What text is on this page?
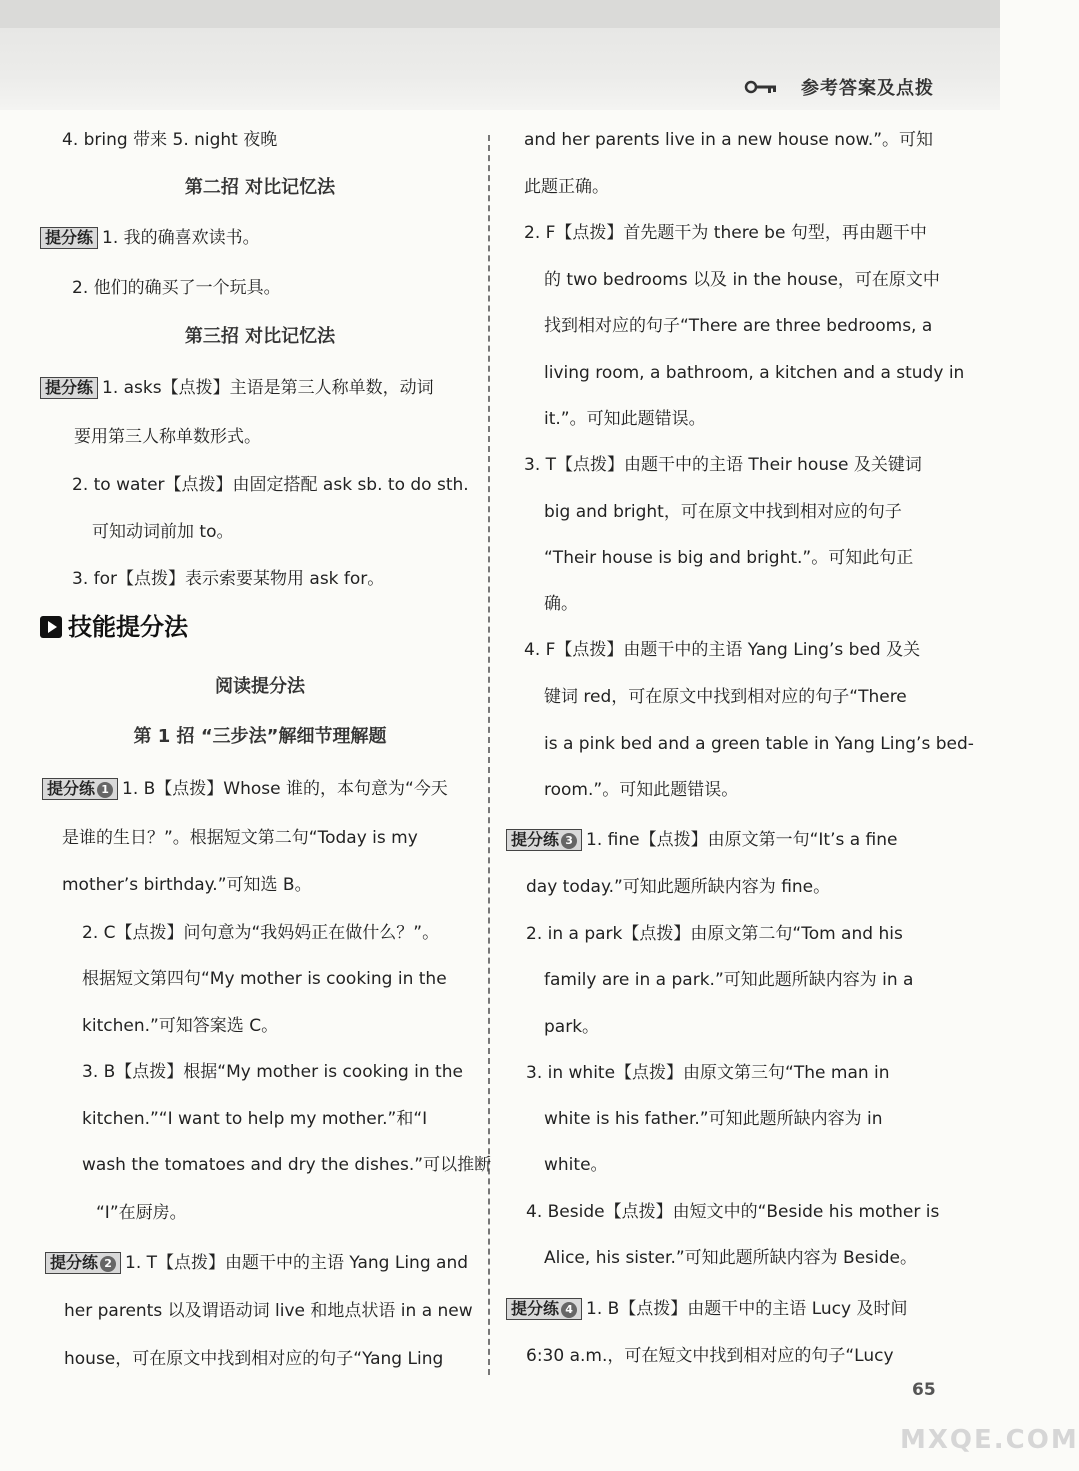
参考答案及点拨
4. bring 带来 5. night 夜晚
第二招 对比记忆法
提分练 1. 我的确喜欢读书。
2. 他们的确买了一个玩具。
第三招 对比记忆法
提分练 1. asks【点拨】主语是第三人称单数，动词
要用第三人称单数形式。
2. to water【点拨】由固定搭配 ask sb. to do sth.
可知动词前加 to。
3. for【点拨】表示索要某物用 ask for。
技能提分法
阅读提分法
第 1 招 “三步法”解细节理解题
提分练 1 1. B【点拨】Whose 谁的，本句意为“今天
是谁的生日？”。根据短文第二句“Today is my
mother’s birthday.”可知选 B。
2. C【点拨】问句意为“我妈妈正在做什么？”。
根据短文第四句“My mother is cooking in the
kitchen.”可知答案选 C。
3. B【点拨】根据“My mother is cooking in the
kitchen.”“I want to help my mother.”和“I
wash the tomatoes and dry the dishes.”可以推断
“I”在厨房。
提分练 2 1. T【点拨】由题干中的主语 Yang Ling and
her parents 以及谓语动词 live 和地点状语 in a new
house，可在原文中找到相对应的句子“Yang Ling
and her parents live in a new house now.”。可知
此题正确。
2. F【点拨】首先题干为 there be 句型，再由题干中
的 two bedrooms 以及 in the house，可在原文中
找到相对应的句子“There are three bedrooms, a
living room, a bathroom, a kitchen and a study in
it.”。可知此题错误。
3. T【点拨】由题干中的主语 Their house 及关键词
big and bright，可在原文中找到相对应的句子
“Their house is big and bright.”。可知此句正
确。
4. F【点拨】由题干中的主语 Yang Ling’s bed 及关
键词 red，可在原文中找到相对应的句子“There
is a pink bed and a green table in Yang Ling’s bed-
room.”。可知此题错误。
提分练 3 1. fine【点拨】由原文第一句“It’s a fine
day today.”可知此题所缺内容为 fine。
2. in a park【点拨】由原文第二句“Tom and his
family are in a park.”可知此题所缺内容为 in a
park。
3. in white【点拨】由原文第三句“The man in
white is his father.”可知此题所缺内容为 in
white。
4. Beside【点拨】由短文中的“Beside his mother is
Alice, his sister.”可知此题所缺内容为 Beside。
提分练 4 1. B【点拨】由题干中的主语 Lucy 及时间
6:30 a.m.，可在短文中找到相对应的句子“Lucy
MXQE.COM
65
